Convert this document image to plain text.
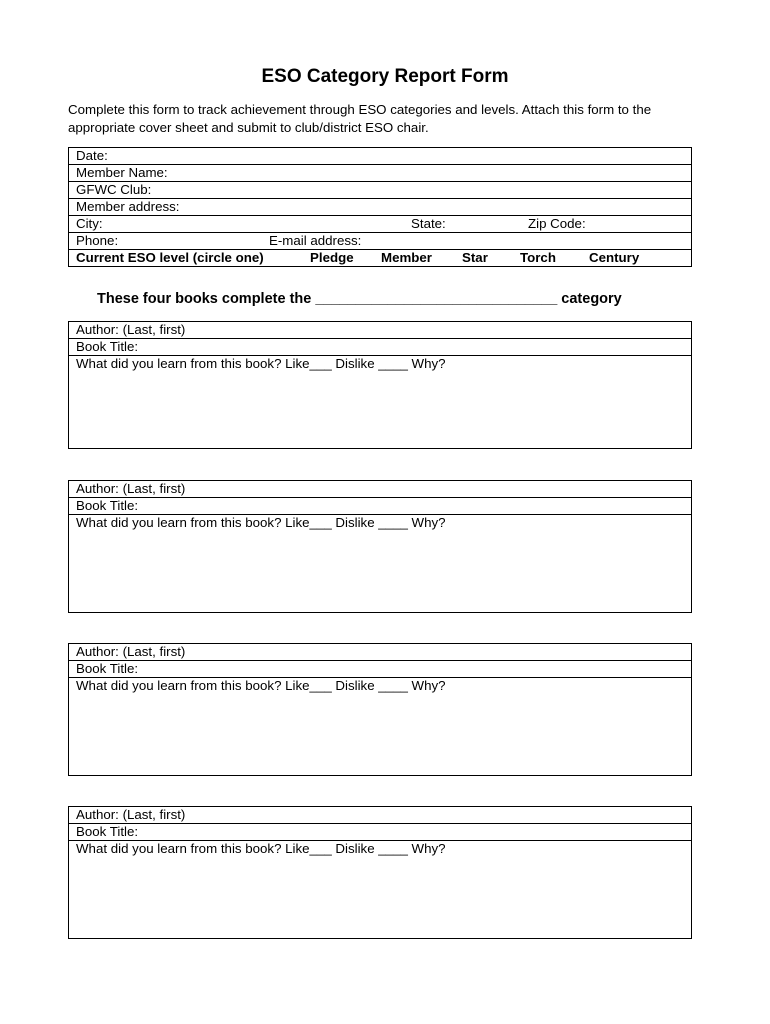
ESO Category Report Form
Complete this form to track achievement through ESO categories and levels. Attach this form to the appropriate cover sheet and submit to club/district ESO chair.
Date:
Member Name:
GFWC Club:
Member address:

City:	State:	Zip Code:

Phone:	E-mail address:

Current ESO level (circle one)	Pledge Member Star Torch Century
These four books complete the ______________________________ category
Author: (Last, first)
Book Title:
What did you learn from this book? Like___ Dislike ____ Why?
Author: (Last, first)
Book Title:
What did you learn from this book? Like___ Dislike ____ Why?
Author: (Last, first)
Book Title:
What did you learn from this book? Like___ Dislike ____ Why?
Author: (Last, first)
Book Title:
What did you learn from this book? Like___ Dislike ____ Why?
